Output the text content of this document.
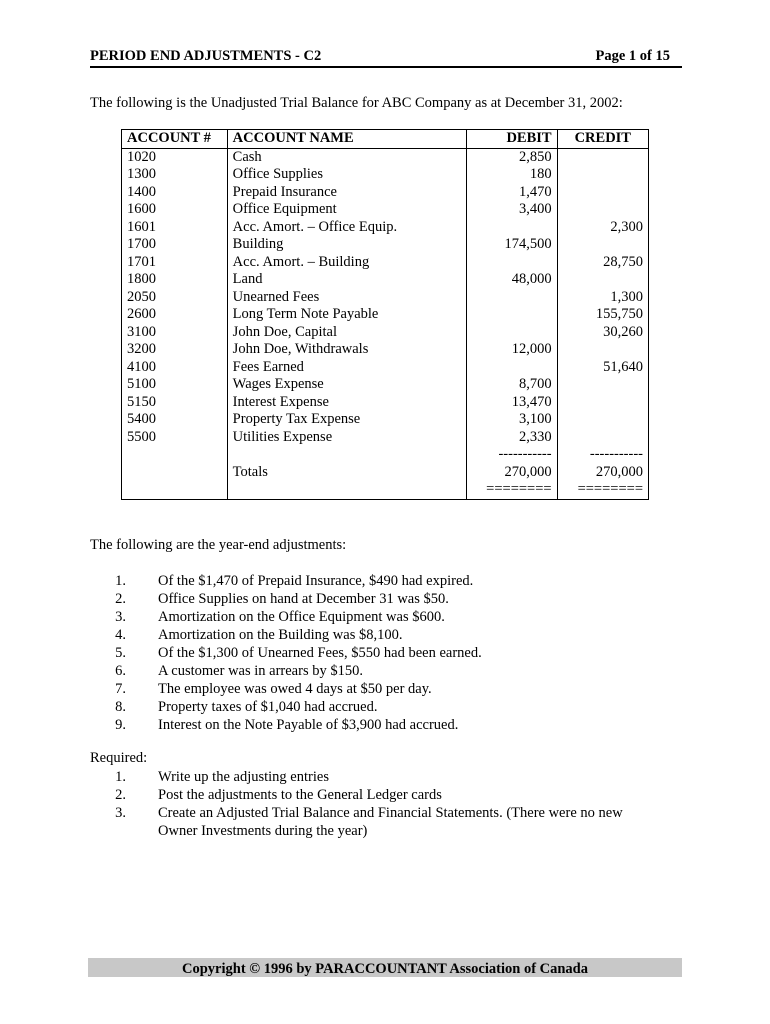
PERIOD END ADJUSTMENTS - C2	Page 1 of 15
The following is the Unadjusted Trial Balance for ABC Company as at December 31, 2002:
ACCOUNT #	ACCOUNT NAME	DEBIT	CREDIT
1020	Cash	2,850	
1300	Office Supplies	180	
1400	Prepaid Insurance	1,470	
1600	Office Equipment	3,400	
1601	Acc. Amort. – Office Equip.		2,300
1700	Building	174,500	
1701	Acc. Amort. – Building		28,750
1800	Land	48,000	
2050	Unearned Fees		1,300
2600	Long Term Note Payable		155,750
3100	John Doe, Capital		30,260
3200	John Doe, Withdrawals	12,000	
4100	Fees Earned		51,640
5100	Wages Expense	8,700	
5150	Interest Expense	13,470	
5400	Property Tax Expense	3,100	
5500	Utilities Expense	2,330	
		-----------	-----------
	Totals	270,000	270,000
		========	========
The following are the year-end adjustments:
1. Of the $1,470 of Prepaid Insurance, $490 had expired.
2. Office Supplies on hand at December 31 was $50.
3. Amortization on the Office Equipment was $600.
4. Amortization on the Building was $8,100.
5. Of the $1,300 of Unearned Fees, $550 had been earned.
6. A customer was in arrears by $150.
7. The employee was owed 4 days at $50 per day.
8. Property taxes of $1,040 had accrued.
9. Interest on the Note Payable of $3,900 had accrued.
Required:
1. Write up the adjusting entries
2. Post the adjustments to the General Ledger cards
3. Create an Adjusted Trial Balance and Financial Statements. (There were no new
Owner Investments during the year)
Copyright © 1996 by PARACCOUNTANT Association of Canada
